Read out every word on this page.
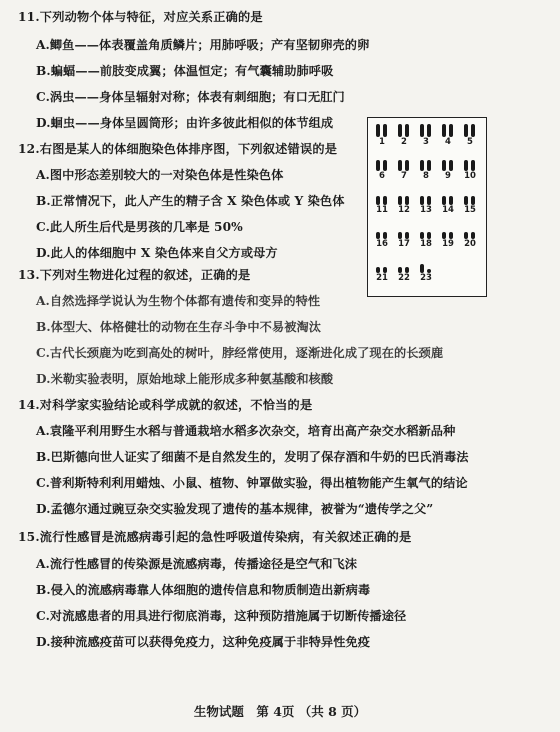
11.下列动物个体与特征，对应关系正确的是
A.鲫鱼——体表覆盖角质鳞片；用肺呼吸；产有坚韧卵壳的卵
B.蝙蝠——前肢变成翼；体温恒定；有气囊辅助肺呼吸
C.涡虫——身体呈辐射对称；体表有刺细胞；有口无肛门
D.蛔虫——身体呈圆筒形；由许多彼此相似的体节组成
12.右图是某人的体细胞染色体排序图，下列叙述错误的是
A.图中形态差别较大的一对染色体是性染色体
B.正常情况下，此人产生的精子含 X 染色体或 Y 染色体
C.此人所生后代是男孩的几率是 50%
D.此人的体细胞中 X 染色体来自父方或母方
1	2	3	4	5
6	7	8	9	10
11 12 13 14 15
16 17 18 19 20
21 22 23
13.下列对生物进化过程的叙述，正确的是
A.自然选择学说认为生物个体都有遗传和变异的特性
B.体型大、体格健壮的动物在生存斗争中不易被淘汰
C.古代长颈鹿为吃到高处的树叶，脖经常使用，逐渐进化成了现在的长颈鹿
D.米勒实验表明，原始地球上能形成多种氨基酸和核酸
14.对科学家实验结论或科学成就的叙述，不恰当的是
A.袁隆平利用野生水稻与普通栽培水稻多次杂交，培育出高产杂交水稻新品种
B.巴斯德向世人证实了细菌不是自然发生的，发明了保存酒和牛奶的巴氏消毒法
C.普利斯特利利用蜡烛、小鼠、植物、钟罩做实验，得出植物能产生氧气的结论
D.孟德尔通过豌豆杂交实验发现了遗传的基本规律，被誉为“遗传学之父”
15.流行性感冒是流感病毒引起的急性呼吸道传染病，有关叙述正确的是
A.流行性感冒的传染源是流感病毒，传播途径是空气和飞沫
B.侵入的流感病毒靠人体细胞的遗传信息和物质制造出新病毒
C.对流感患者的用具进行彻底消毒，这种预防措施属于切断传播途径
D.接种流感疫苗可以获得免疫力，这种免疫属于非特异性免疫
生物试题　第 4页 （共 8 页）
